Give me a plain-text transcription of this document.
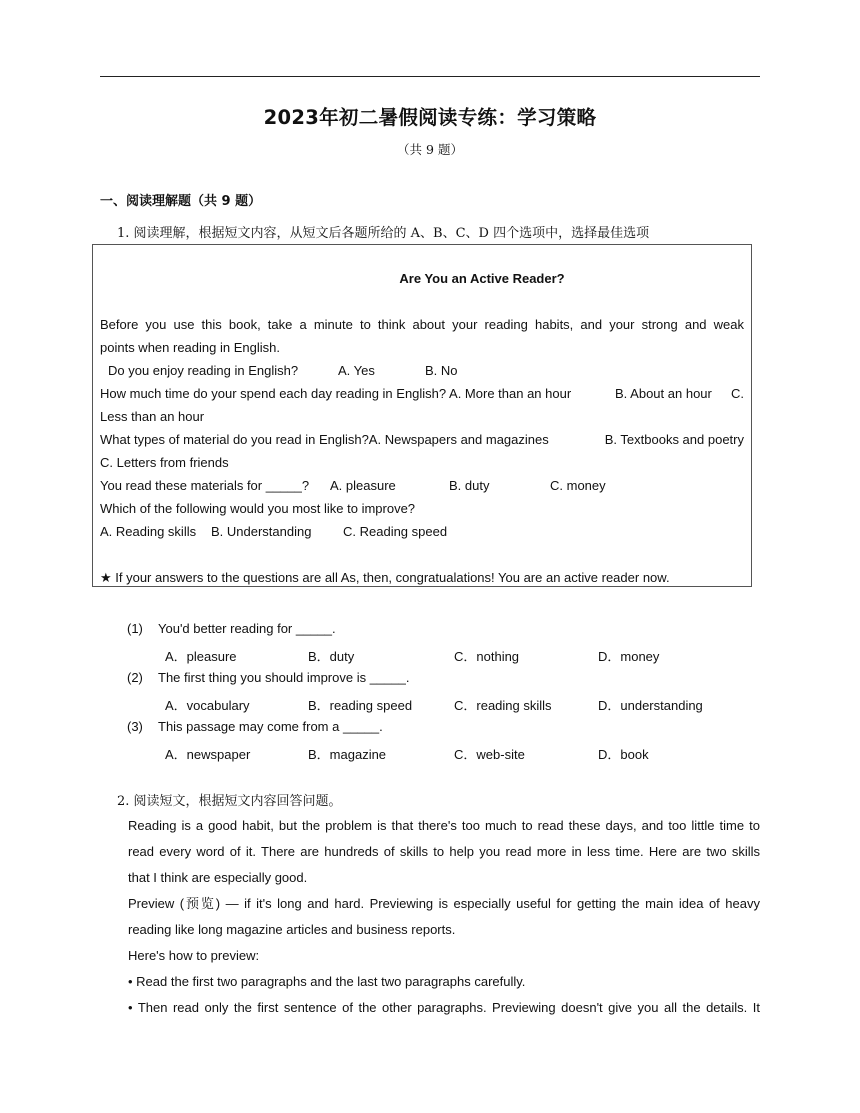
2023年初二暑假阅读专练：学习策略
（共 9 题）
一、阅读理解题（共 9 题）
1. 阅读理解，根据短文内容，从短文后各题所给的 A、B、C、D 四个选项中，选择最佳选项
Are You an Active Reader?
Before you use this book, take a minute to think about your reading habits, and your strong and weak
points when reading in English.
Do you enjoy reading in English?	A. Yes	B. No
How much time do your spend each day reading in English? A. More than an hour	B. About an hour C.
Less than an hour
What types of material do you read in English?A. Newspapers and magazines	B. Textbooks and poetry
C. Letters from friends
You read these materials for _____? A. pleasure	B. duty	C. money
Which of the following would you most like to improve?
A. Reading skills B. Understanding C. Reading speed
★ If your answers to the questions are all As, then, congratualations! You are an active reader now.
(1) You'd better reading for _____.
A．pleasure	B．duty	C．nothing	D．money
(2) The first thing you should improve is _____.
A．vocabulary	B．reading speed	C．reading skills	D．understanding
(3) This passage may come from a _____.
A．newspaper	B．magazine	C．web-site	D．book
2. 阅读短文，根据短文内容回答问题。
Reading is a good habit, but the problem is that there's too much to read these days, and too little time to
read every word of it. There are hundreds of skills to help you read more in less time. Here are two skills
that I think are especially good.
Preview (预览) — if it's long and hard. Previewing is especially useful for getting the main idea of heavy
reading like long magazine articles and business reports.
Here's how to preview:
• Read the first two paragraphs and the last two paragraphs carefully.
• Then read only the first sentence of the other paragraphs. Previewing doesn't give you all the details. It
